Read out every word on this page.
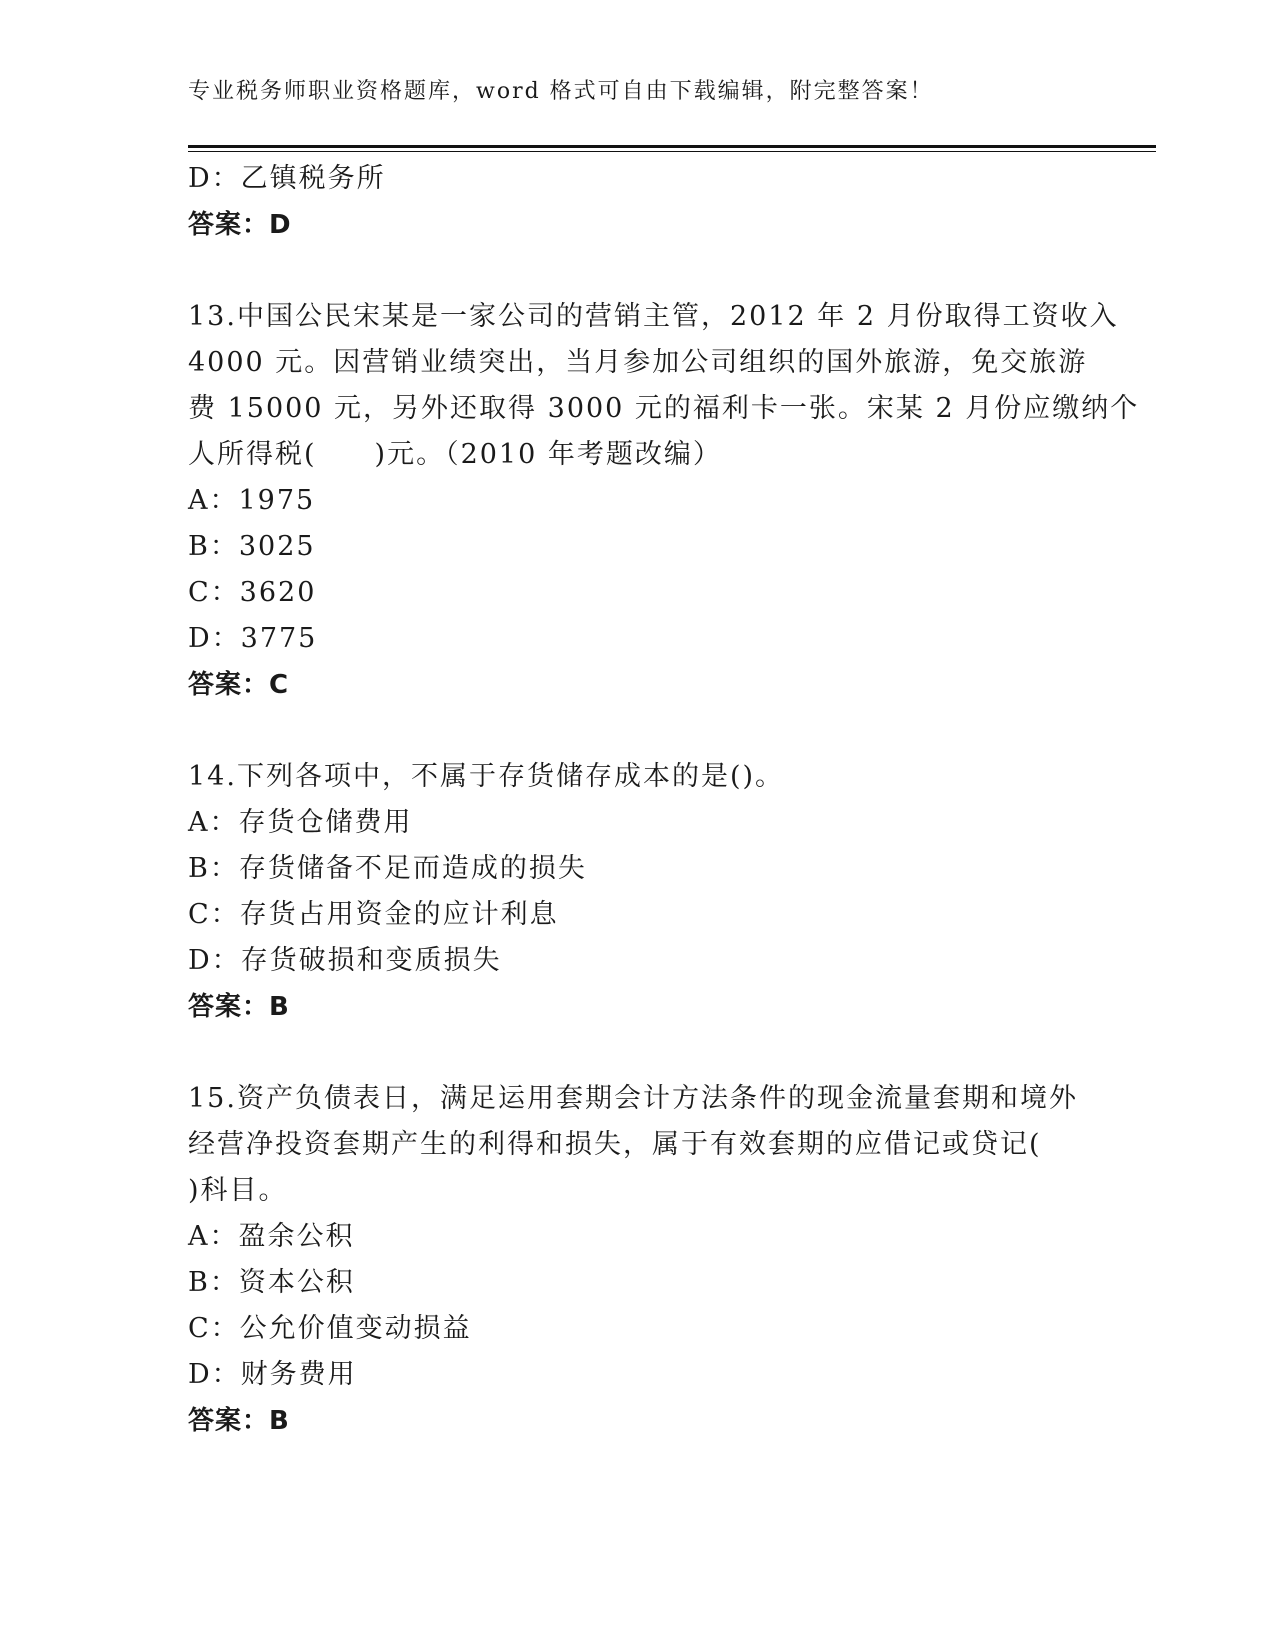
专业税务师职业资格题库，word 格式可自由下载编辑，附完整答案！
D：乙镇税务所
答案：D
13.中国公民宋某是一家公司的营销主管，2012 年 2 月份取得工资收入
4000 元。因营销业绩突出，当月参加公司组织的国外旅游，免交旅游
费 15000 元，另外还取得 3000 元的福利卡一张。宋某 2 月份应缴纳个
人所得税(　　)元。（2010 年考题改编）
A：1975
B：3025
C：3620
D：3775
答案：C
14.下列各项中，不属于存货储存成本的是()。
A：存货仓储费用
B：存货储备不足而造成的损失
C：存货占用资金的应计利息
D：存货破损和变质损失
答案：B
15.资产负债表日，满足运用套期会计方法条件的现金流量套期和境外
经营净投资套期产生的利得和损失，属于有效套期的应借记或贷记(
)科目。
A：盈余公积
B：资本公积
C：公允价值变动损益
D：财务费用
答案：B
